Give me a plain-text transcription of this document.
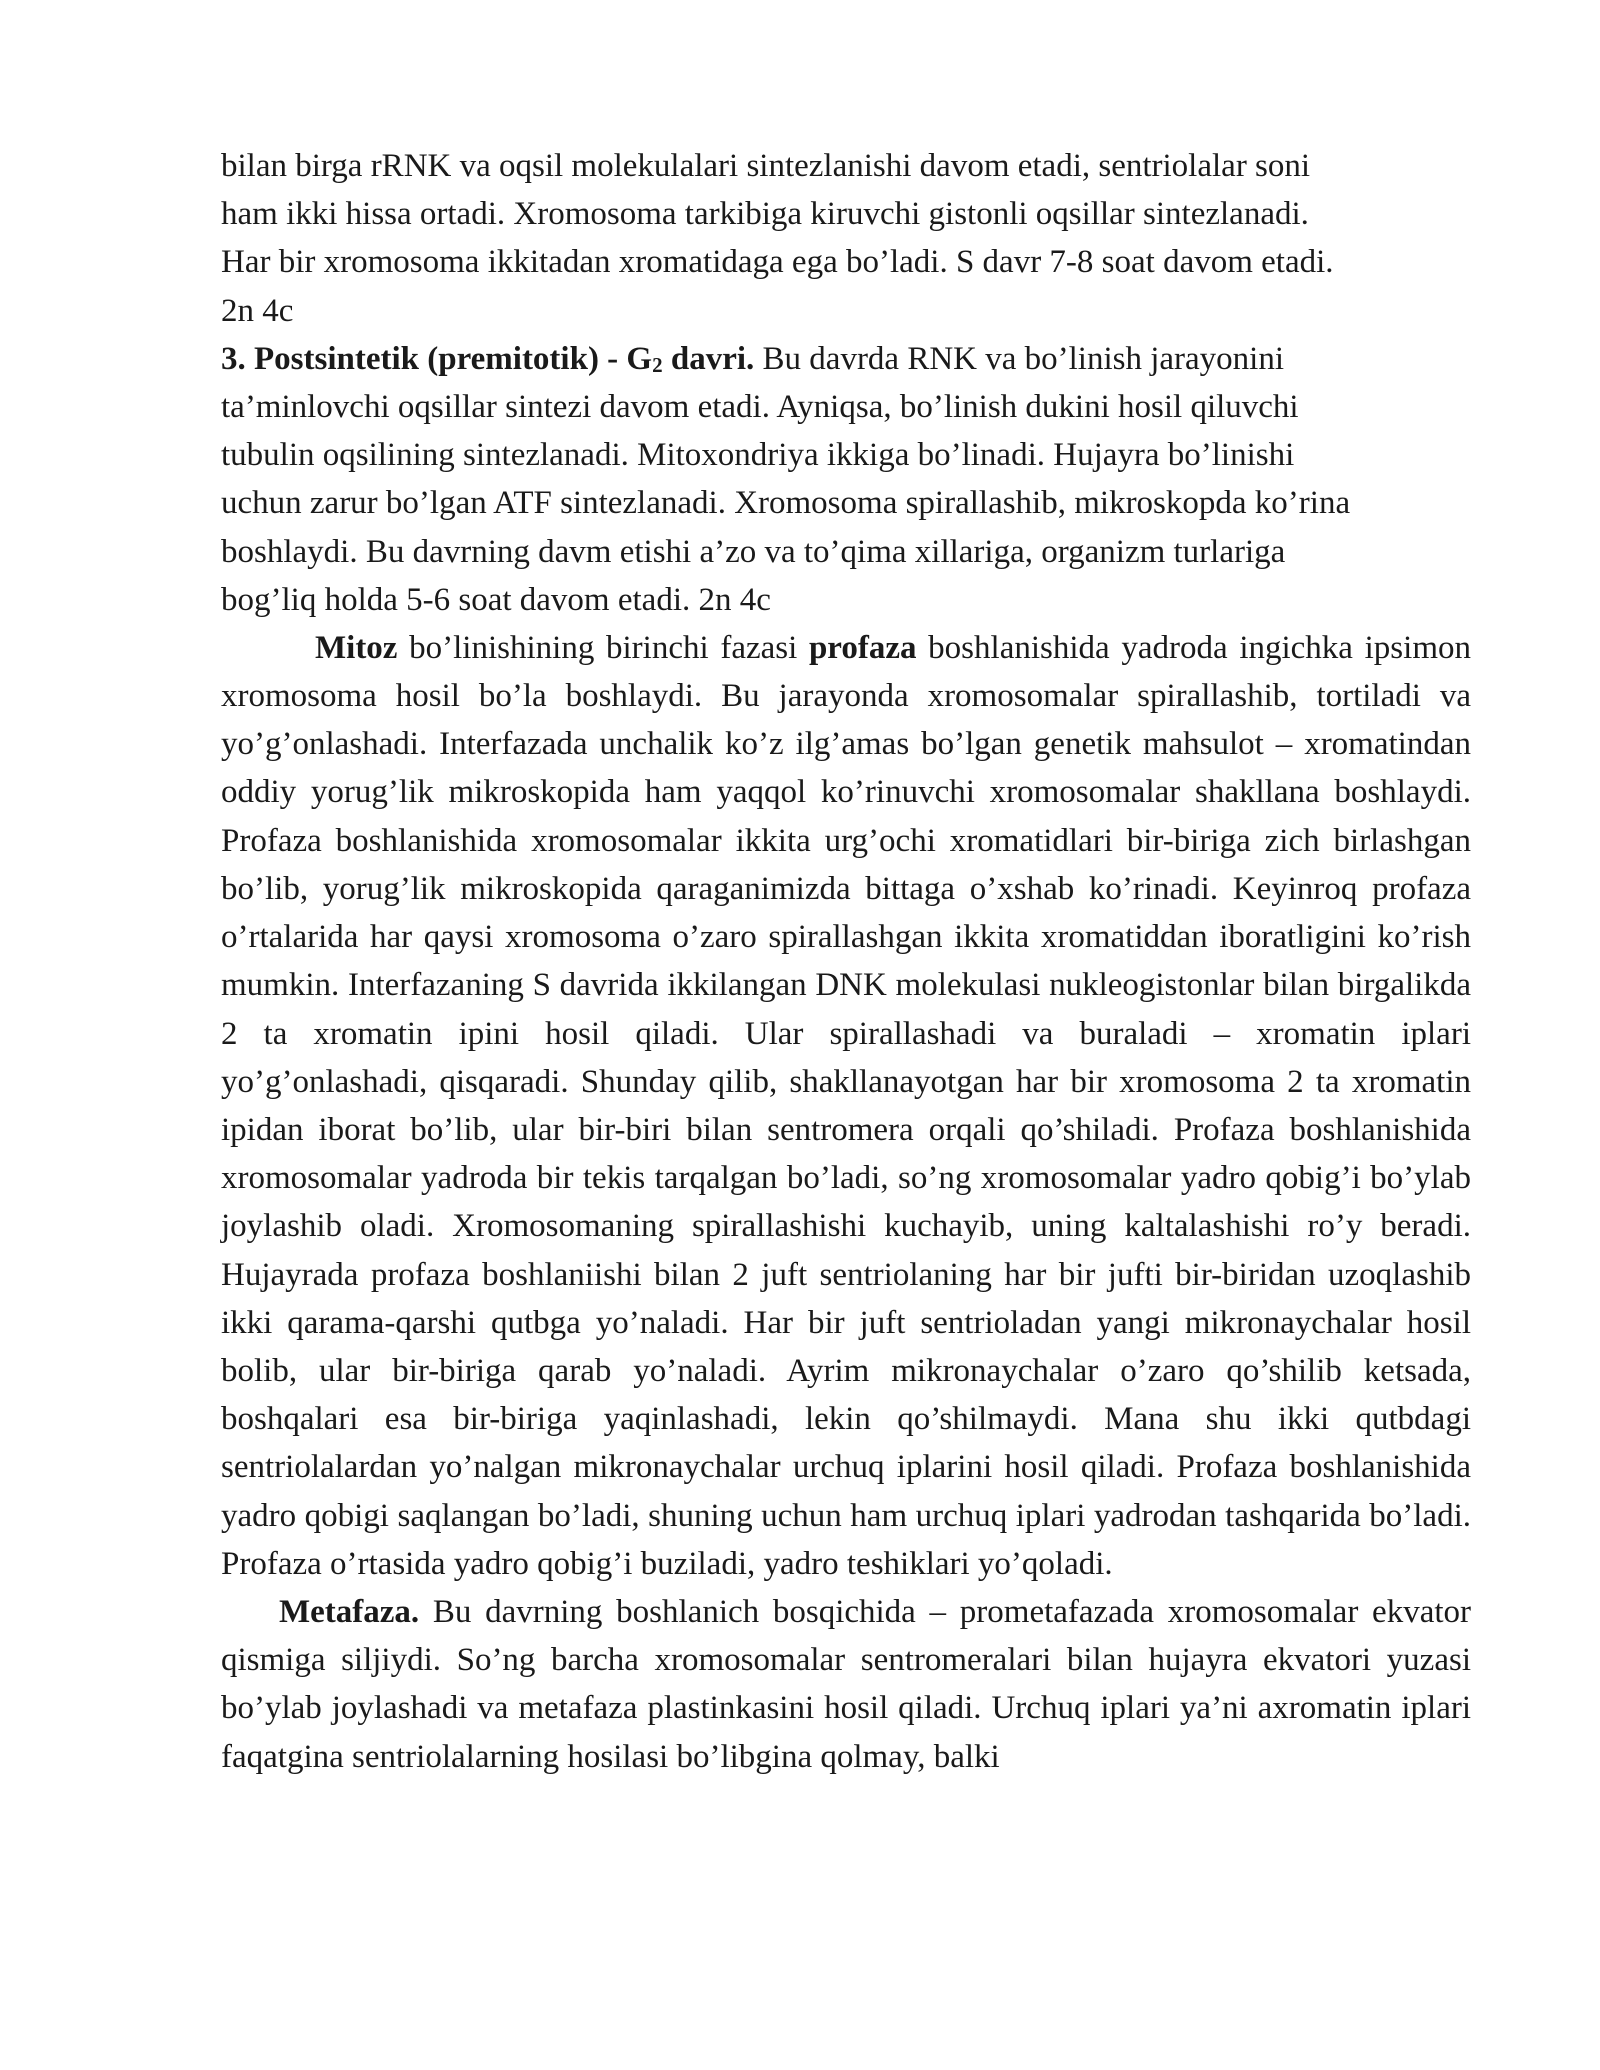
bilan birga rRNK va oqsil molekulalari sintezlanishi davom etadi, sentriolalar soni
ham ikki hissa ortadi. Xromosoma tarkibiga kiruvchi gistonli oqsillar sintezlanadi.
Har bir xromosoma ikkitadan xromatidaga ega bo’ladi. S davr 7-8 soat davom etadi.
2n 4c
3. Postsintetik (premitotik) - $G_2$ davri. Bu davrda RNK va bo’linish jarayonini
ta’minlovchi oqsillar sintezi davom etadi. Ayniqsa, bo’linish dukini hosil qiluvchi
tubulin oqsilining sintezlanadi. Mitoxondriya ikkiga bo’linadi. Hujayra bo’linishi
uchun zarur bo’lgan ATF sintezlanadi. Xromosoma spirallashib, mikroskopda ko’rina
boshlaydi. Bu davrning davm etishi a’zo va to’qima xillariga, organizm turlariga
bog’liq holda 5-6 soat davom etadi. 2n 4c

Mitoz bo’linishining birinchi fazasi profaza boshlanishida yadroda ingichka ipsimon xromosoma hosil bo’la boshlaydi. Bu jarayonda xromosomalar spirallashib, tortiladi va yo’g’onlashadi. Interfazada unchalik ko’z ilg’amas bo’lgan genetik mahsulot – xromatindan oddiy yorug’lik mikroskopida ham yaqqol ko’rinuvchi xromosomalar shakllana boshlaydi. Profaza boshlanishida xromosomalar ikkita urg’ochi xromatidlari bir-biriga zich birlashgan bo’lib, yorug’lik mikroskopida qaraganimizda bittaga o’xshab ko’rinadi. Keyinroq profaza o’rtalarida har qaysi xromosoma o’zaro spirallashgan ikkita xromatiddan iboratligini ko’rish mumkin. Interfazaning S davrida ikkilangan DNK molekulasi nukleogistonlar bilan birgalikda 2 ta xromatin ipini hosil qiladi. Ular spirallashadi va buraladi – xromatin iplari yo’g’onlashadi, qisqaradi. Shunday qilib, shakllanayotgan har bir xromosoma 2 ta xromatin ipidan iborat bo’lib, ular bir-biri bilan sentromera orqali qo’shiladi. Profaza boshlanishida xromosomalar yadroda bir tekis tarqalgan bo’ladi, so’ng xromosomalar yadro qobig’i bo’ylab joylashib oladi. Xromosomaning spirallashishi kuchayib, uning kaltalashishi ro’y beradi. Hujayrada profaza boshlaniishi bilan 2 juft sentriolaning har bir jufti bir-biridan uzoqlashib ikki qarama-qarshi qutbga yo’naladi. Har bir juft sentrioladan yangi mikronaychalar hosil bolib, ular bir-biriga qarab yo’naladi. Ayrim mikronaychalar o’zaro qo’shilib ketsada, boshqalari esa bir-biriga yaqinlashadi, lekin qo’shilmaydi. Mana shu ikki qutbdagi sentriolalardan yo’nalgan mikronaychalar urchuq iplarini hosil qiladi. Profaza boshlanishida yadro qobigi saqlangan bo’ladi, shuning uchun ham urchuq iplari yadrodan tashqarida bo’ladi. Profaza o’rtasida yadro qobig’i buziladi, yadro teshiklari yo’qoladi.

Metafaza. Bu davrning boshlanich bosqichida – prometafazada xromosomalar ekvator qismiga siljiydi. So’ng barcha xromosomalar sentromeralari bilan hujayra ekvatori yuzasi bo’ylab joylashadi va metafaza plastinkasini hosil qiladi. Urchuq iplari ya’ni axromatin iplari faqatgina sentriolalarning hosilasi bo’libgina qolmay, balki
